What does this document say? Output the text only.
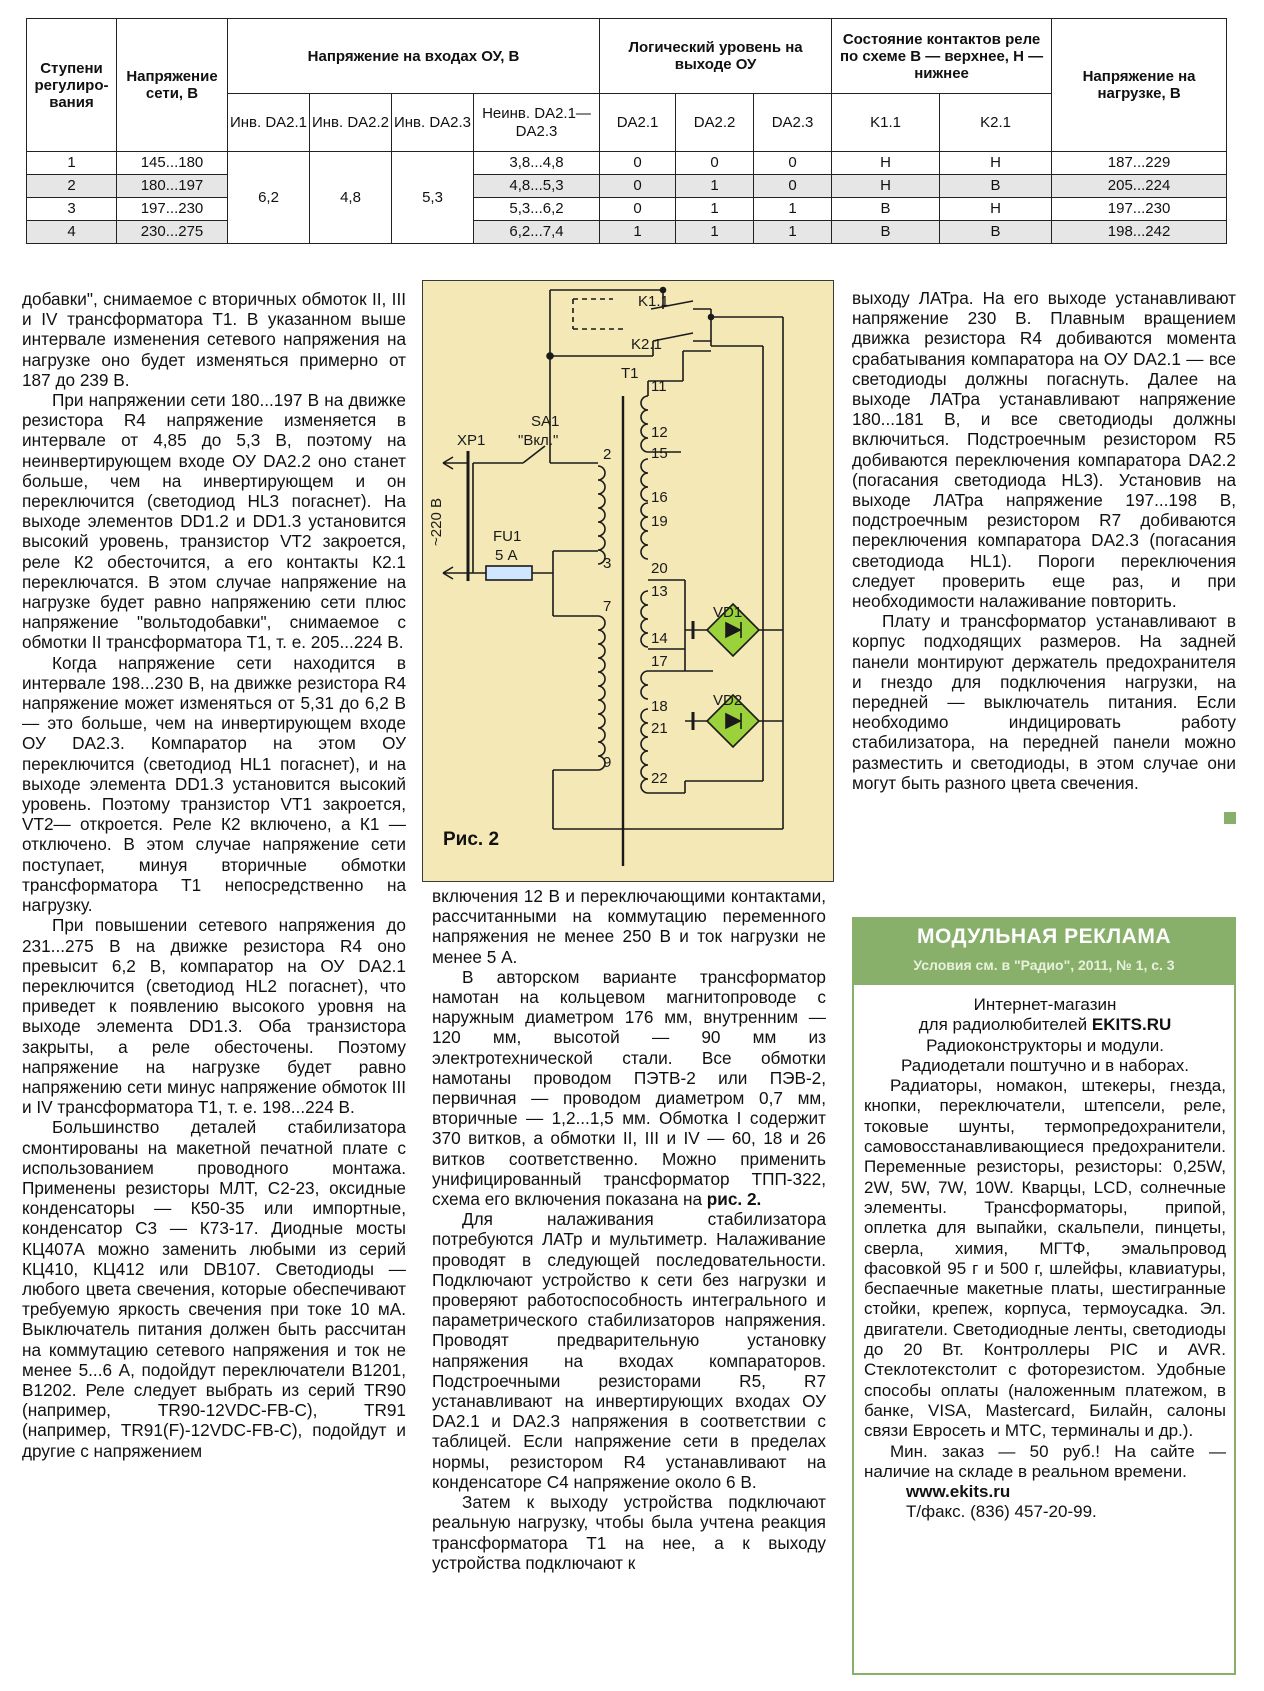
Ступени регулиро-вания	Напряжение сети, В	Напряжение на входах ОУ, В				Логический уровень на выходе ОУ			Состояние контактов реле по схеме В — верхнее, Н — нижнее		Напряжение на нагрузке, В
		Инв. DA2.1	Инв. DA2.2	Инв. DA2.3	Неинв. DA2.1— DA2.3	DA2.1	DA2.2	DA2.3	K1.1	K2.1	
1	145...180	6,2	4,8	5,3	3,8...4,8	0	0	0	Н	Н	187...229
2	180...197				4,8...5,3	0	1	0	Н	В	205...224
3	197...230				5,3...6,2	0	1	1	В	Н	197...230
4	230...275				6,2...7,4	1	1	1	В	В	198...242

добавки", снимаемое с вторичных обмоток II, III и IV трансформатора Т1. В указанном выше интервале изменения сетевого напряжения на нагрузке оно будет изменяться примерно от 187 до 239 В.

При напряжении сети 180...197 В на движке резистора R4 напряжение изменяется в интервале от 4,85 до 5,3 В, поэтому на неинвертирующем входе ОУ DA2.2 оно станет больше, чем на инвертирующем и он переключится (светодиод HL3 погаснет). На выходе элементов DD1.2 и DD1.3 установится высокий уровень, транзистор VT2 закроется, реле К2 обесточится, а его контакты К2.1 переключатся. В этом случае напряжение на нагрузке будет равно напряжению сети плюс напряжение "вольтодобавки", снимаемое с обмотки II трансформатора Т1, т. е. 205...224 В.

Когда напряжение сети находится в интервале 198...230 В, на движке резистора R4 напряжение может изменяться от 5,31 до 6,2 В — это больше, чем на инвертирующем входе ОУ DA2.3. Компаратор на этом ОУ переключится (светодиод HL1 погаснет), и на выходе элемента DD1.3 установится высокий уровень. Поэтому транзистор VT1 закроется, VT2— откроется. Реле К2 включено, а К1 — отключено. В этом случае напряжение сети поступает, минуя вторичные обмотки трансформатора Т1 непосредственно на нагрузку.

При повышении сетевого напряжения до 231...275 В на движке резистора R4 оно превысит 6,2 В, компаратор на ОУ DA2.1 переключится (светодиод HL2 погаснет), что приведет к появлению высокого уровня на выходе элемента DD1.3. Оба транзистора закрыты, а реле обесточены. Поэтому напряжение на нагрузке будет равно напряжению сети минус напряжение обмоток III и IV трансформатора Т1, т. е. 198...224 В.

Большинство деталей стабилизатора смонтированы на макетной печатной плате с использованием проводного монтажа. Применены резисторы МЛТ, С2-23, оксидные конденсаторы — К50-35 или импортные, конденсатор С3 — К73-17. Диодные мосты КЦ407А можно заменить любыми из серий КЦ410, КЦ412 или DB107. Светодиоды — любого цвета свечения, которые обеспечивают требуемую яркость свечения при токе 10 мА. Выключатель питания должен быть рассчитан на коммутацию сетевого напряжения и ток не менее 5...6 А, подойдут переключатели B1201, B1202. Реле следует выбрать из серий TR90 (например, TR90-12VDC-FB-C), TR91 (например, TR91(F)-12VDC-FB-C), подойдут и другие с напряжением

K1.1
K2.1
T1
SA1
"Вкл."
XP1
~220 В	FU1
5 А
VD1
VD2
11
12
15
2
16
19
3	20
13
7
14
17
18
21
9
22
Рис. 2

включения 12 В и переключающими контактами, рассчитанными на коммутацию переменного напряжения не менее 250 В и ток нагрузки не менее 5 А.

В авторском варианте трансформатор намотан на кольцевом магнитопроводе с наружным диаметром 176 мм, внутренним — 120 мм, высотой — 90 мм из электротехнической стали. Все обмотки намотаны проводом ПЭТВ-2 или ПЭВ-2, первичная — проводом диаметром 0,7 мм, вторичные — 1,2...1,5 мм. Обмотка I содержит 370 витков, а обмотки II, III и IV — 60, 18 и 26 витков соответственно. Можно применить унифицированный трансформатор ТПП-322, схема его включения показана на рис. 2.

Для налаживания стабилизатора потребуются ЛАТр и мультиметр. Налаживание проводят в следующей последовательности. Подключают устройство к сети без нагрузки и проверяют работоспособность интегрального и параметрического стабилизаторов напряжения. Проводят предварительную установку напряжения на входах компараторов. Подстроечными резисторами R5, R7 устанавливают на инвертирующих входах ОУ DA2.1 и DA2.3 напряжения в соответствии с таблицей. Если напряжение сети в пределах нормы, резистором R4 устанавливают на конденсаторе С4 напряжение около 6 В.

Затем к выходу устройства подключают реальную нагрузку, чтобы была учтена реакция трансформатора Т1 на нее, а к выходу устройства подключают к

выходу ЛАТра. На его выходе устанавливают напряжение 230 В. Плавным вращением движка резистора R4 добиваются момента срабатывания компаратора на ОУ DA2.1 — все светодиоды должны погаснуть. Далее на выходе ЛАТра устанавливают напряжение 180...181 В, и все светодиоды должны включиться. Подстроечным резистором R5 добиваются переключения компаратора DA2.2 (погасания светодиода HL3). Установив на выходе ЛАТра напряжение 197...198 В, подстроечным резистором R7 добиваются переключения компаратора DA2.3 (погасания светодиода HL1). Пороги переключения следует проверить еще раз, и при необходимости налаживание повторить.

Плату и трансформатор устанавливают в корпус подходящих размеров. На задней панели монтируют держатель предохранителя и гнездо для подключения нагрузки, на передней — выключатель питания. Если необходимо индицировать работу стабилизатора, на передней панели можно разместить и светодиоды, в этом случае они могут быть разного цвета свечения.

МОДУЛЬНАЯ РЕКЛАМА
Условия см. в "Радио", 2011, № 1, с. 3

Интернет-магазин

для радиолюбителей EKITS.RU

Радиоконструкторы и модули.

Радиодетали поштучно и в наборах.

Радиаторы, номакон, штекеры, гнезда, кнопки, переключатели, штепсели, реле, токовые шунты, термопредохранители, самовосстанавливающиеся предохранители. Переменные резисторы, резисторы: 0,25W, 2W, 5W, 7W, 10W. Кварцы, LCD, солнечные элементы. Трансформаторы, припой, оплетка для выпайки, скальпели, пинцеты, сверла, химия, МГТФ, эмальпровод фасовкой 95 г и 500 г, шлейфы, клавиатуры, беспаечные макетные платы, шестигранные стойки, крепеж, корпуса, термоусадка. Эл. двигатели. Светодиодные ленты, светодиоды до 20 Вт. Контроллеры PIC и AVR. Стеклотекстолит с фоторезистом. Удобные способы оплаты (наложенным платежом, в банке, VISA, Mastercard, Билайн, салоны связи Евросеть и МТС, терминалы и др.).

Мин. заказ — 50 руб.! На сайте — наличие на складе в реальном времени.

www.ekits.ru

Т/факс. (836) 457-20-99.
